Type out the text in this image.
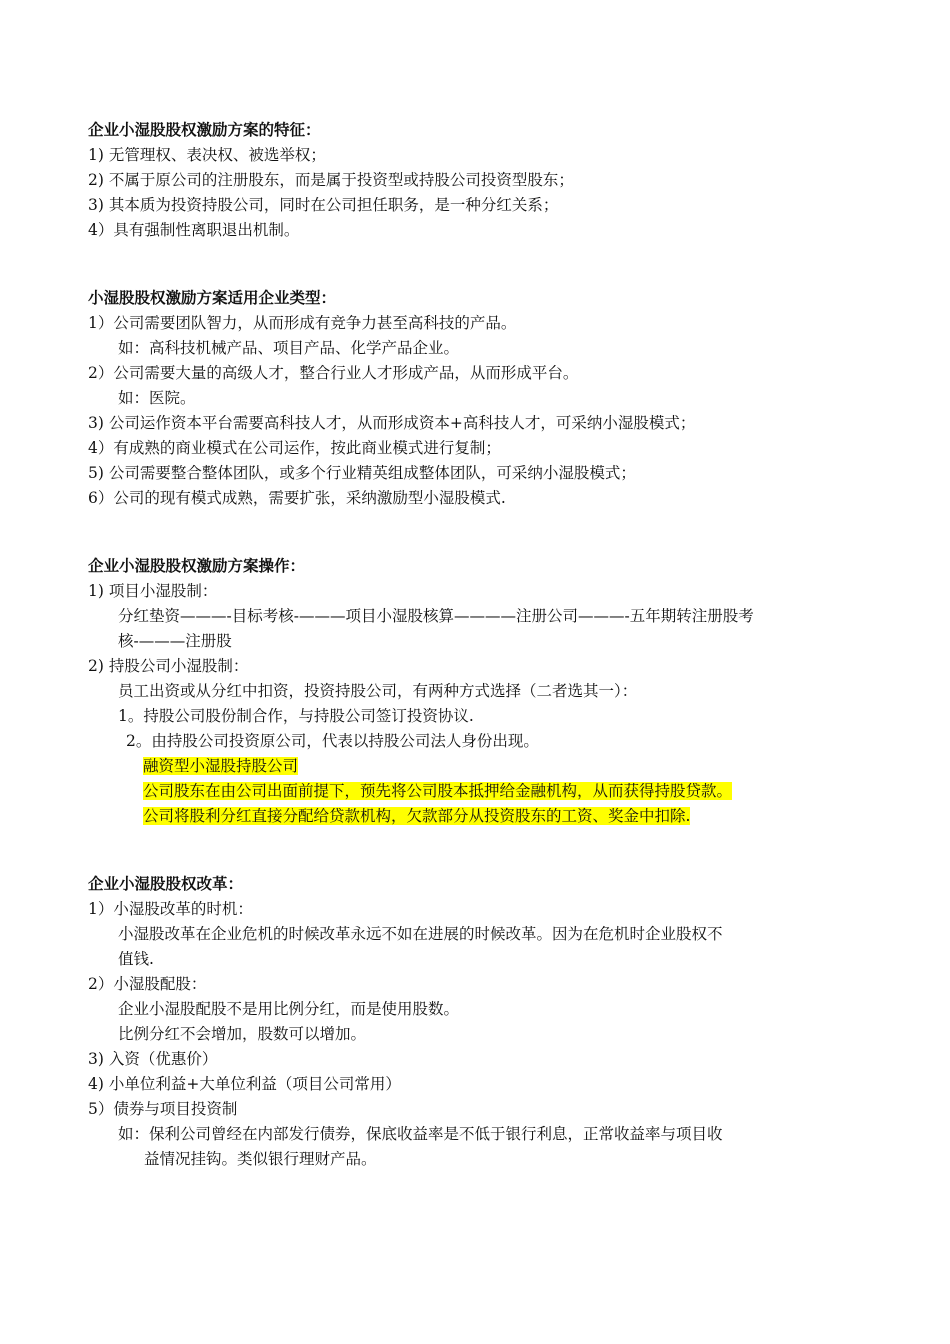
企业小湿股股权激励方案的特征：
1) 无管理权、表决权、被选举权；
2) 不属于原公司的注册股东，而是属于投资型或持股公司投资型股东；
3) 其本质为投资持股公司，同时在公司担任职务，是一种分红关系；
4）具有强制性离职退出机制。
小湿股股权激励方案适用企业类型：
1）公司需要团队智力，从而形成有竞争力甚至高科技的产品。
如：高科技机械产品、项目产品、化学产品企业。
2）公司需要大量的高级人才，整合行业人才形成产品，从而形成平台。
如：医院。
3) 公司运作资本平台需要高科技人才，从而形成资本+高科技人才，可采纳小湿股模式；
4）有成熟的商业模式在公司运作，按此商业模式进行复制；
5) 公司需要整合整体团队，或多个行业精英组成整体团队，可采纳小湿股模式；
6）公司的现有模式成熟，需要扩张，采纳激励型小湿股模式.
企业小湿股股权激励方案操作：
1) 项目小湿股制：
分红垫资———-目标考核-———项目小湿股核算————注册公司———-五年期转注册股考
核-———注册股
2) 持股公司小湿股制：
员工出资或从分红中扣资，投资持股公司，有两种方式选择（二者选其一）：
1。持股公司股份制合作，与持股公司签订投资协议.
2。由持股公司投资原公司，代表以持股公司法人身份出现。
融资型小湿股持股公司
公司股东在由公司出面前提下，预先将公司股本抵押给金融机构，从而获得持股贷款。
公司将股利分红直接分配给贷款机构，欠款部分从投资股东的工资、奖金中扣除.
企业小湿股股权改革：
1）小湿股改革的时机：
小湿股改革在企业危机的时候改革永远不如在进展的时候改革。因为在危机时企业股权不
值钱.
2）小湿股配股：
企业小湿股配股不是用比例分红，而是使用股数。
比例分红不会增加，股数可以增加。
3) 入资（优惠价）
4) 小单位利益+大单位利益（项目公司常用）
5）债券与项目投资制
如：保利公司曾经在内部发行债券，保底收益率是不低于银行利息，正常收益率与项目收
益情况挂钩。类似银行理财产品。
